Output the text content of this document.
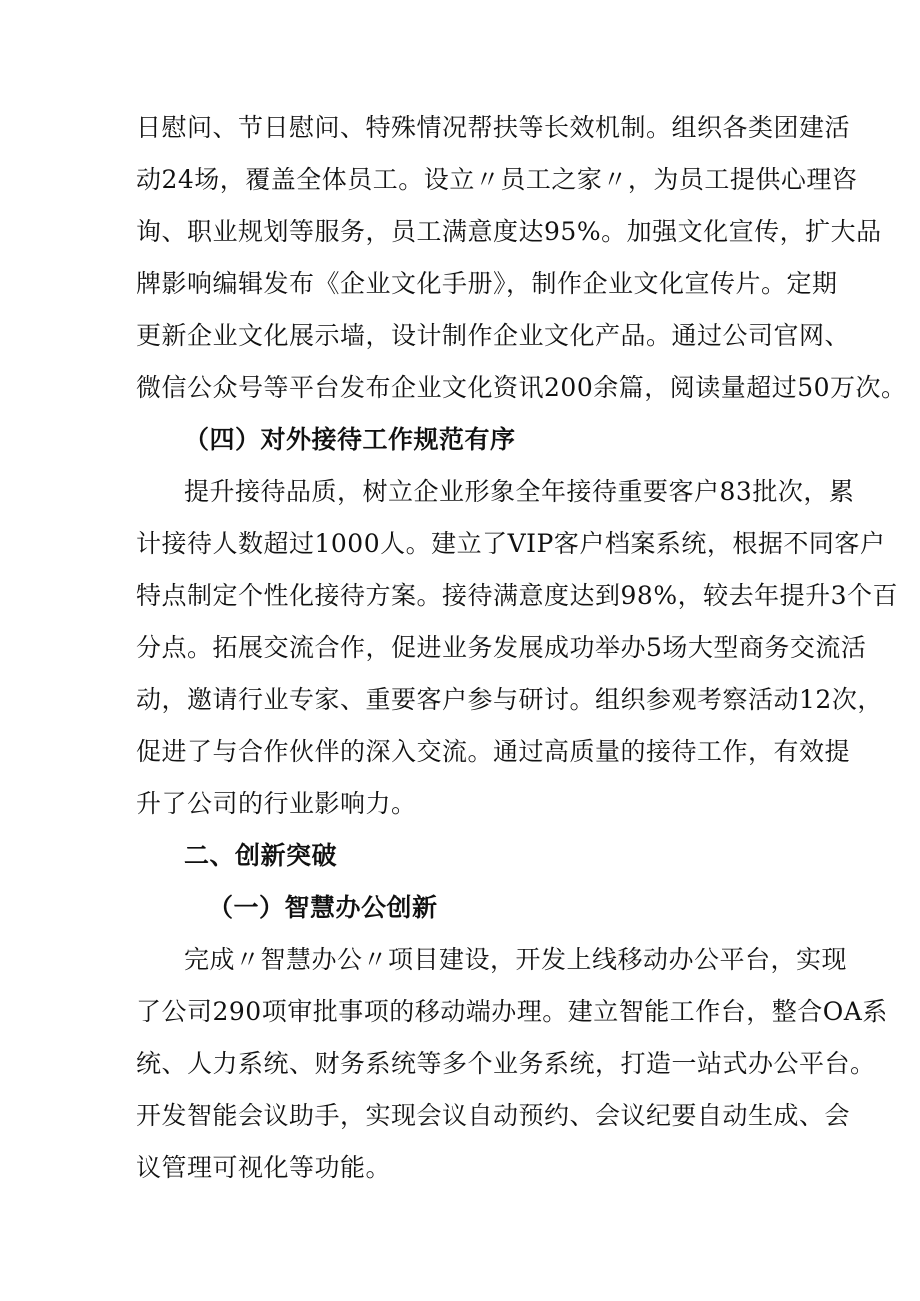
日慰问、节日慰问、特殊情况帮扶等长效机制。组织各类团建活
动24场，覆盖全体员工。设立〃员工之家〃，为员工提供心理咨
询、职业规划等服务，员工满意度达95%。加强文化宣传，扩大品
牌影响编辑发布《企业文化手册》，制作企业文化宣传片。定期
更新企业文化展示墙，设计制作企业文化产品。通过公司官网、
微信公众号等平台发布企业文化资讯200余篇，阅读量超过50万次。
（四）对外接待工作规范有序
提升接待品质，树立企业形象全年接待重要客户83批次，累
计接待人数超过1000人。建立了VIP客户档案系统，根据不同客户
特点制定个性化接待方案。接待满意度达到98%，较去年提升3个百
分点。拓展交流合作，促进业务发展成功举办5场大型商务交流活
动，邀请行业专家、重要客户参与研讨。组织参观考察活动12次，
促进了与合作伙伴的深入交流。通过高质量的接待工作，有效提
升了公司的行业影响力。
二、创新突破
（一）智慧办公创新
完成〃智慧办公〃项目建设，开发上线移动办公平台，实现
了公司290项审批事项的移动端办理。建立智能工作台，整合OA系
统、人力系统、财务系统等多个业务系统，打造一站式办公平台。
开发智能会议助手，实现会议自动预约、会议纪要自动生成、会
议管理可视化等功能。
